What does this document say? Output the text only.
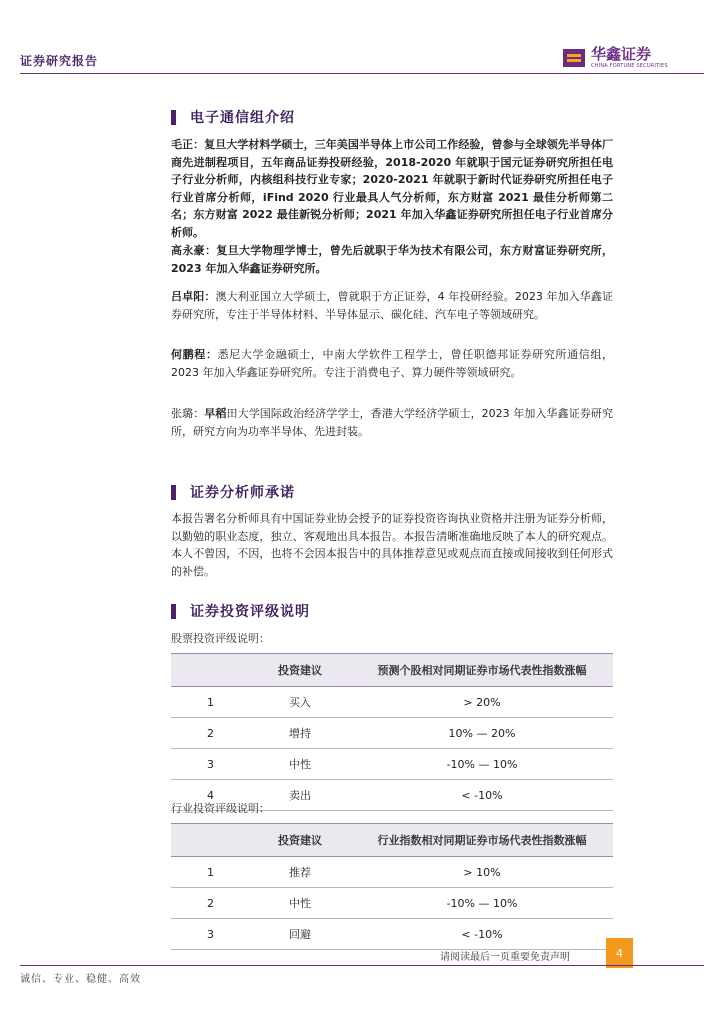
证券研究报告	华鑫证券
CHINA FORTUNE SECURITIES
电子通信组介绍

毛正：复旦大学材料学硕士，三年美国半导体上市公司工作经验，曾参与全球领先半导体厂商先进制程项目，五年商品证券投研经验，2018-2020 年就职于国元证券研究所担任电子行业分析师，内核组科技行业专家；2020-2021 年就职于新时代证券研究所担任电子行业首席分析师，iFind 2020 行业最具人气分析师，东方财富 2021 最佳分析师第二名；东方财富 2022 最佳新锐分析师；2021 年加入华鑫证券研究所担任电子行业首席分析师。

高永豪：复旦大学物理学博士，曾先后就职于华为技术有限公司，东方财富证券研究所，2023 年加入华鑫证券研究所。

吕卓阳：澳大利亚国立大学硕士，曾就职于方正证券，4 年投研经验。2023 年加入华鑫证券研究所，专注于半导体材料、半导体显示、碳化硅、汽车电子等领域研究。

何鹏程：悉尼大学金融硕士，中南大学软件工程学士，曾任职德邦证券研究所通信组，2023 年加入华鑫证券研究所。专注于消费电子、算力硬件等领域研究。

张璐：早稻田大学国际政治经济学学士，香港大学经济学硕士，2023 年加入华鑫证券研究所，研究方向为功率半导体、先进封装。

证券分析师承诺

本报告署名分析师具有中国证券业协会授予的证券投资咨询执业资格并注册为证券分析师，以勤勉的职业态度，独立、客观地出具本报告。本报告清晰准确地反映了本人的研究观点。本人不曾因，不因，也将不会因本报告中的具体推荐意见或观点而直接或间接收到任何形式的补偿。

证券投资评级说明
股票投资评级说明：
	投资建议	预测个股相对同期证券市场代表性指数涨幅
1	买入	> 20%
2	增持	10% — 20%
3	中性	-10% — 10%
4	卖出	< -10%
行业投资评级说明：
	投资建议	行业指数相对同期证券市场代表性指数涨幅
1	推荐	> 10%
2	中性	-10% — 10%
3	回避	< -10%
请阅读最后一页重要免责声明	4
诚信、专业、稳健、高效
